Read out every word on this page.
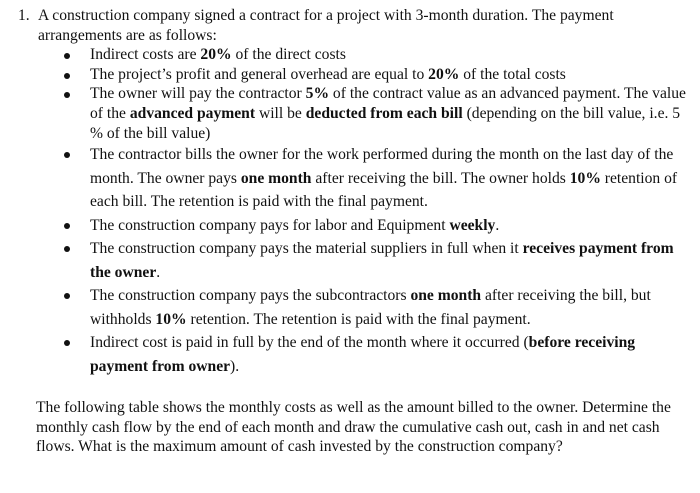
1. A construction company signed a contract for a project with 3-month duration. The payment arrangements are as follows:
Indirect costs are 20% of the direct costs
The project’s profit and general overhead are equal to 20% of the total costs
The owner will pay the contractor 5% of the contract value as an advanced payment. The value of the advanced payment will be deducted from each bill (depending on the bill value, i.e. 5 % of the bill value)
The contractor bills the owner for the work performed during the month on the last day of the month. The owner pays one month after receiving the bill. The owner holds 10% retention of each bill. The retention is paid with the final payment.
The construction company pays for labor and Equipment weekly.
The construction company pays the material suppliers in full when it receives payment from the owner.
The construction company pays the subcontractors one month after receiving the bill, but withholds 10% retention. The retention is paid with the final payment.
Indirect cost is paid in full by the end of the month where it occurred (before receiving payment from owner).

The following table shows the monthly costs as well as the amount billed to the owner. Determine the monthly cash flow by the end of each month and draw the cumulative cash out, cash in and net cash flows. What is the maximum amount of cash invested by the construction company?
